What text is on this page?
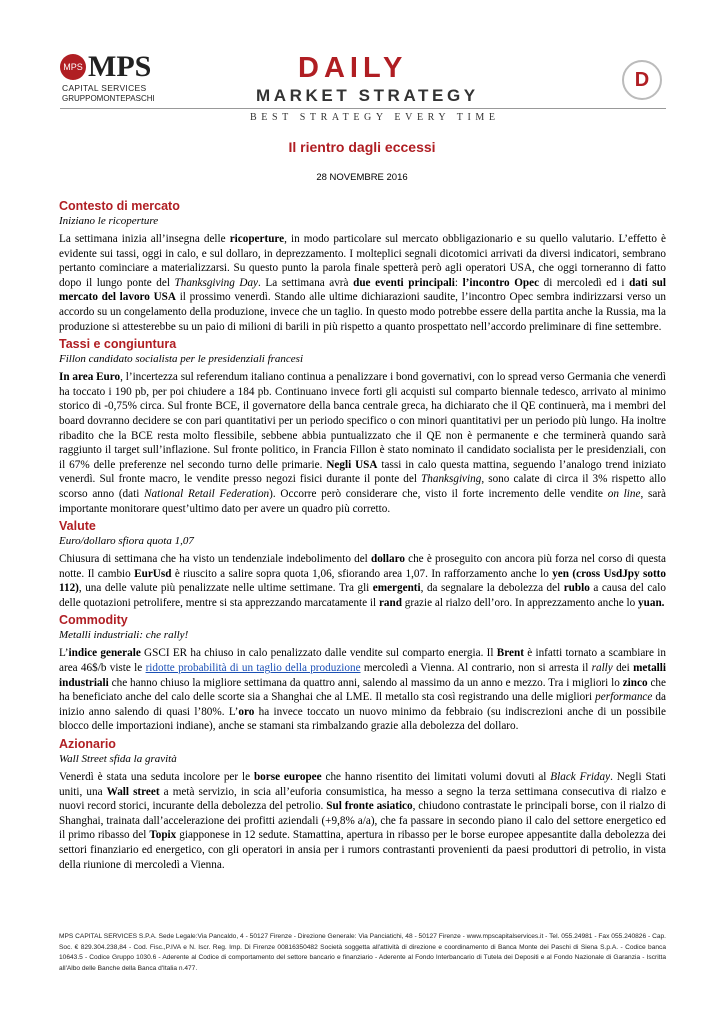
MPS MPS
CAPITAL SERVICES
GRUPPOMONTEPASCHI
DAILY
MARKET STRATEGY
D
BEST STRATEGY EVERY TIME
Il rientro dagli eccessi
28 NOVEMBRE 2016
Contesto di mercato

Iniziano le ricoperture

La settimana inizia all’insegna delle ricoperture, in modo particolare sul mercato obbligazionario e su quello valutario. L’effetto è evidente sui tassi, oggi in calo, e sul dollaro, in deprezzamento. I molteplici segnali dicotomici arrivati da diversi indicatori, sembrano pertanto cominciare a materializzarsi. Su questo punto la parola finale spetterà però agli operatori USA, che oggi torneranno di fatto dopo il lungo ponte del Thanksgiving Day. La settimana avrà due eventi principali: l’incontro Opec di mercoledì ed i dati sul mercato del lavoro USA il prossimo venerdì. Stando alle ultime dichiarazioni saudite, l’incontro Opec sembra indirizzarsi verso un accordo su un congelamento della produzione, invece che un taglio. In questo modo potrebbe essere della partita anche la Russia, ma la produzione si attesterebbe su un paio di milioni di barili in più rispetto a quanto prospettato nell’accordo preliminare di fine settembre.

Tassi e congiuntura

Fillon candidato socialista per le presidenziali francesi

In area Euro, l’incertezza sul referendum italiano continua a penalizzare i bond governativi, con lo spread verso Germania che venerdì ha toccato i 190 pb, per poi chiudere a 184 pb. Continuano invece forti gli acquisti sul comparto biennale tedesco, arrivato al minimo storico di -0,75% circa. Sul fronte BCE, il governatore della banca centrale greca, ha dichiarato che il QE continuerà, ma i membri del board dovranno decidere se con pari quantitativi per un periodo specifico o con minori quantitativi per un periodo più lungo. Ha inoltre ribadito che la BCE resta molto flessibile, sebbene abbia puntualizzato che il QE non è permanente e che terminerà quando sarà raggiunto il target sull’inflazione. Sul fronte politico, in Francia Fillon è stato nominato il candidato socialista per le presidenziali, con il 67% delle preferenze nel secondo turno delle primarie. Negli USA tassi in calo questa mattina, seguendo l’analogo trend iniziato venerdì. Sul fronte macro, le vendite presso negozi fisici durante il ponte del Thanksgiving, sono calate di circa il 3% rispetto allo scorso anno (dati National Retail Federation). Occorre però considerare che, visto il forte incremento delle vendite on line, sarà importante monitorare quest’ultimo dato per avere un quadro più corretto.

Valute

Euro/dollaro sfiora quota 1,07

Chiusura di settimana che ha visto un tendenziale indebolimento del dollaro che è proseguito con ancora più forza nel corso di questa notte. Il cambio EurUsd è riuscito a salire sopra quota 1,06, sfiorando area 1,07. In rafforzamento anche lo yen (cross UsdJpy sotto 112), una delle valute più penalizzate nelle ultime settimane. Tra gli emergenti, da segnalare la debolezza del rublo a causa del calo delle quotazioni petrolifere, mentre si sta apprezzando marcatamente il rand grazie al rialzo dell’oro. In apprezzamento anche lo yuan.

Commodity

Metalli industriali: che rally!

L’indice generale GSCI ER ha chiuso in calo penalizzato dalle vendite sul comparto energia. Il Brent è infatti tornato a scambiare in area 46$/b viste le ridotte probabilità di un taglio della produzione mercoledì a Vienna. Al contrario, non si arresta il rally dei metalli industriali che hanno chiuso la migliore settimana da quattro anni, salendo al massimo da un anno e mezzo. Tra i migliori lo zinco che ha beneficiato anche del calo delle scorte sia a Shanghai che al LME. Il metallo sta così registrando una delle migliori performance da inizio anno salendo di quasi l’80%. L’oro ha invece toccato un nuovo minimo da febbraio (su indiscrezioni anche di un possibile blocco delle importazioni indiane), anche se stamani sta rimbalzando grazie alla debolezza del dollaro.

Azionario

Wall Street sfida la gravità

Venerdì è stata una seduta incolore per le borse europee che hanno risentito dei limitati volumi dovuti al Black Friday. Negli Stati uniti, una Wall street a metà servizio, in scia all’euforia consumistica, ha messo a segno la terza settimana consecutiva di rialzo e nuovi record storici, incurante della debolezza del petrolio. Sul fronte asiatico, chiudono contrastate le principali borse, con il rialzo di Shanghai, trainata dall’accelerazione dei profitti aziendali (+9,8% a/a), che fa passare in secondo piano il calo del settore energetico ed il primo ribasso del Topix giapponese in 12 sedute. Stamattina, apertura in ribasso per le borse europee appesantite dalla debolezza dei settori finanziario ed energetico, con gli operatori in ansia per i rumors contrastanti provenienti da paesi produttori di petrolio, in vista della riunione di mercoledì a Vienna.

MPS CAPITAL SERVICES S.P.A. Sede Legale:Via Pancaldo, 4 - 50127 Firenze - Direzione Generale: Via Panciatichi, 48 - 50127 Firenze - www.mpscapitalservices.it - Tel. 055.24981 - Fax 055.240826 - Cap. Soc. € 829.304.238,84 - Cod. Fisc.,P.IVA e N. Iscr. Reg. Imp. Di Firenze 00816350482 Società soggetta all'attività di direzione e coordinamento di Banca Monte dei Paschi di Siena S.p.A. - Codice banca 10643.5 - Codice Gruppo 1030.6 - Aderente al Codice di comportamento del settore bancario e finanziario - Aderente al Fondo Interbancario di Tutela dei Depositi e al Fondo Nazionale di Garanzia - Iscritta all'Albo delle Banche della Banca d'Italia n.477.
